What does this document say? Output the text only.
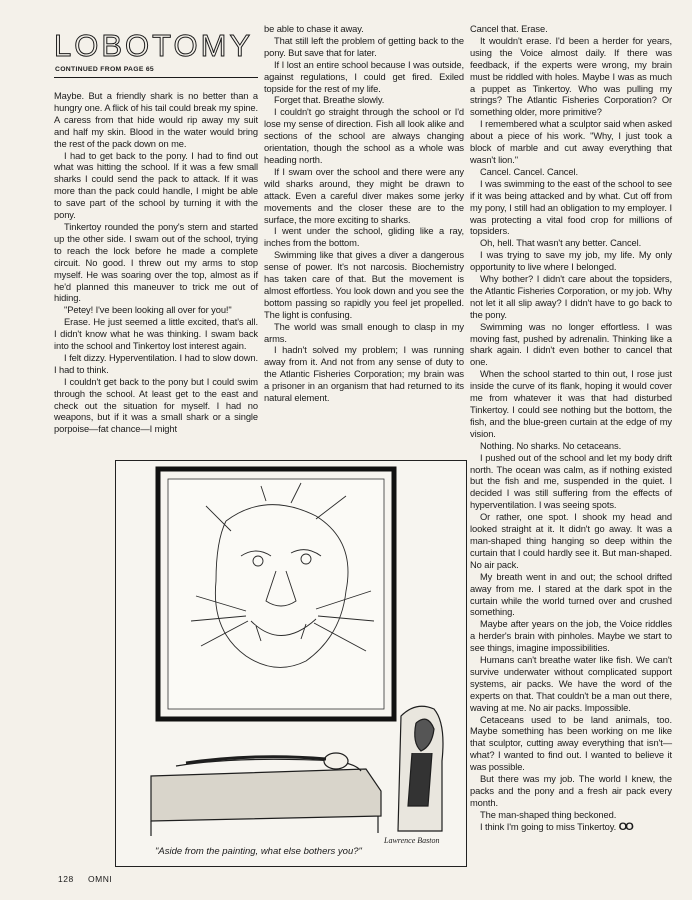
LOBOTOMY
CONTINUED FROM PAGE 65

Maybe. But a friendly shark is no better than a hungry one. A flick of his tail could break my spine. A caress from that hide would rip away my suit and half my skin. Blood in the water would bring the rest of the pack down on me.

I had to get back to the pony. I had to find out what was hitting the school. If it was a few small sharks I could send the pack to attack. If it was more than the pack could handle, I might be able to save part of the school by turning it with the pony.

Tinkertoy rounded the pony's stern and started up the other side. I swam out of the school, trying to reach the lock before he made a complete circuit. No good. I threw out my arms to stop myself. He was soaring over the top, almost as if he'd planned this maneuver to trick me out of hiding.

"Petey! I've been looking all over for you!"

Erase. He just seemed a little excited, that's all. I didn't know what he was thinking. I swam back into the school and Tinkertoy lost interest again.

I felt dizzy. Hyperventilation. I had to slow down. I had to think.

I couldn't get back to the pony but I could swim through the school. At least get to the east and check out the situation for myself. I had no weapons, but if it was a small shark or a single porpoise—fat chance—I might

be able to chase it away.

That still left the problem of getting back to the pony. But save that for later.

If I lost an entire school because I was outside, against regulations, I could get fired. Exiled topside for the rest of my life.

Forget that. Breathe slowly.

I couldn't go straight through the school or I'd lose my sense of direction. Fish all look alike and sections of the school are always changing orientation, though the school as a whole was heading north.

If I swam over the school and there were any wild sharks around, they might be drawn to attack. Even a careful diver makes some jerky movements and the closer these are to the surface, the more exciting to sharks.

I went under the school, gliding like a ray, inches from the bottom.

Swimming like that gives a diver a dangerous sense of power. It's not narcosis. Biochemistry has taken care of that. But the movement is almost effortless. You look down and you see the bottom passing so rapidly you feel jet propelled. The light is confusing.

The world was small enough to clasp in my arms.

I hadn't solved my problem; I was running away from it. And not from any sense of duty to the Atlantic Fisheries Corporation; my brain was a prisoner in an organism that had returned to its natural element.

Cancel that. Erase.

It wouldn't erase. I'd been a herder for years, using the Voice almost daily. If there was feedback, if the experts were wrong, my brain must be riddled with holes. Maybe I was as much a puppet as Tinkertoy. Who was pulling my strings? The Atlantic Fisheries Corporation? Or something older, more primitive?

I remembered what a sculptor said when asked about a piece of his work. "Why, I just took a block of marble and cut away everything that wasn't lion."

Cancel. Cancel. Cancel.

I was swimming to the east of the school to see if it was being attacked and by what. Cut off from my pony, I still had an obligation to my employer. I was protecting a vital food crop for millions of topsiders.

Oh, hell. That wasn't any better. Cancel.

I was trying to save my job, my life. My only opportunity to live where I belonged.

Why bother? I didn't care about the topsiders, the Atlantic Fisheries Corporation, or my job. Why not let it all slip away? I didn't have to go back to the pony.

Swimming was no longer effortless. I was moving fast, pushed by adrenalin. Thinking like a shark again. I didn't even bother to cancel that one.

When the school started to thin out, I rose just inside the curve of its flank, hoping it would cover me from whatever it was that had disturbed Tinkertoy. I could see nothing but the bottom, the fish, and the blue-green curtain at the edge of my vision.

Nothing. No sharks. No cetaceans.

I pushed out of the school and let my body drift north. The ocean was calm, as if nothing existed but the fish and me, suspended in the quiet. I decided I was still suffering from the effects of hyperventilation. I was seeing spots.

Or rather, one spot. I shook my head and looked straight at it. It didn't go away. It was a man-shaped thing hanging so deep within the curtain that I could hardly see it. But man-shaped. No air pack.

My breath went in and out; the school drifted away from me. I stared at the dark spot in the curtain while the world turned over and crushed something.

Maybe after years on the job, the Voice riddles a herder's brain with pinholes. Maybe we start to see things, imagine impossibilities.

Humans can't breathe water like fish. We can't survive underwater without complicated support systems, air packs. We have the word of the experts on that. That couldn't be a man out there, waving at me. No air packs. Impossible.

Cetaceans used to be land animals, too. Maybe something has been working on me like that sculptor, cutting away everything that isn't—what? I wanted to find out. I wanted to believe it was possible.

But there was my job. The world I knew, the packs and the pony and a fresh air pack every month.

The man-shaped thing beckoned.

I think I'm going to miss Tinkertoy. OO

Lawrence Baston
"Aside from the painting, what else bothers you?"
128 OMNI
